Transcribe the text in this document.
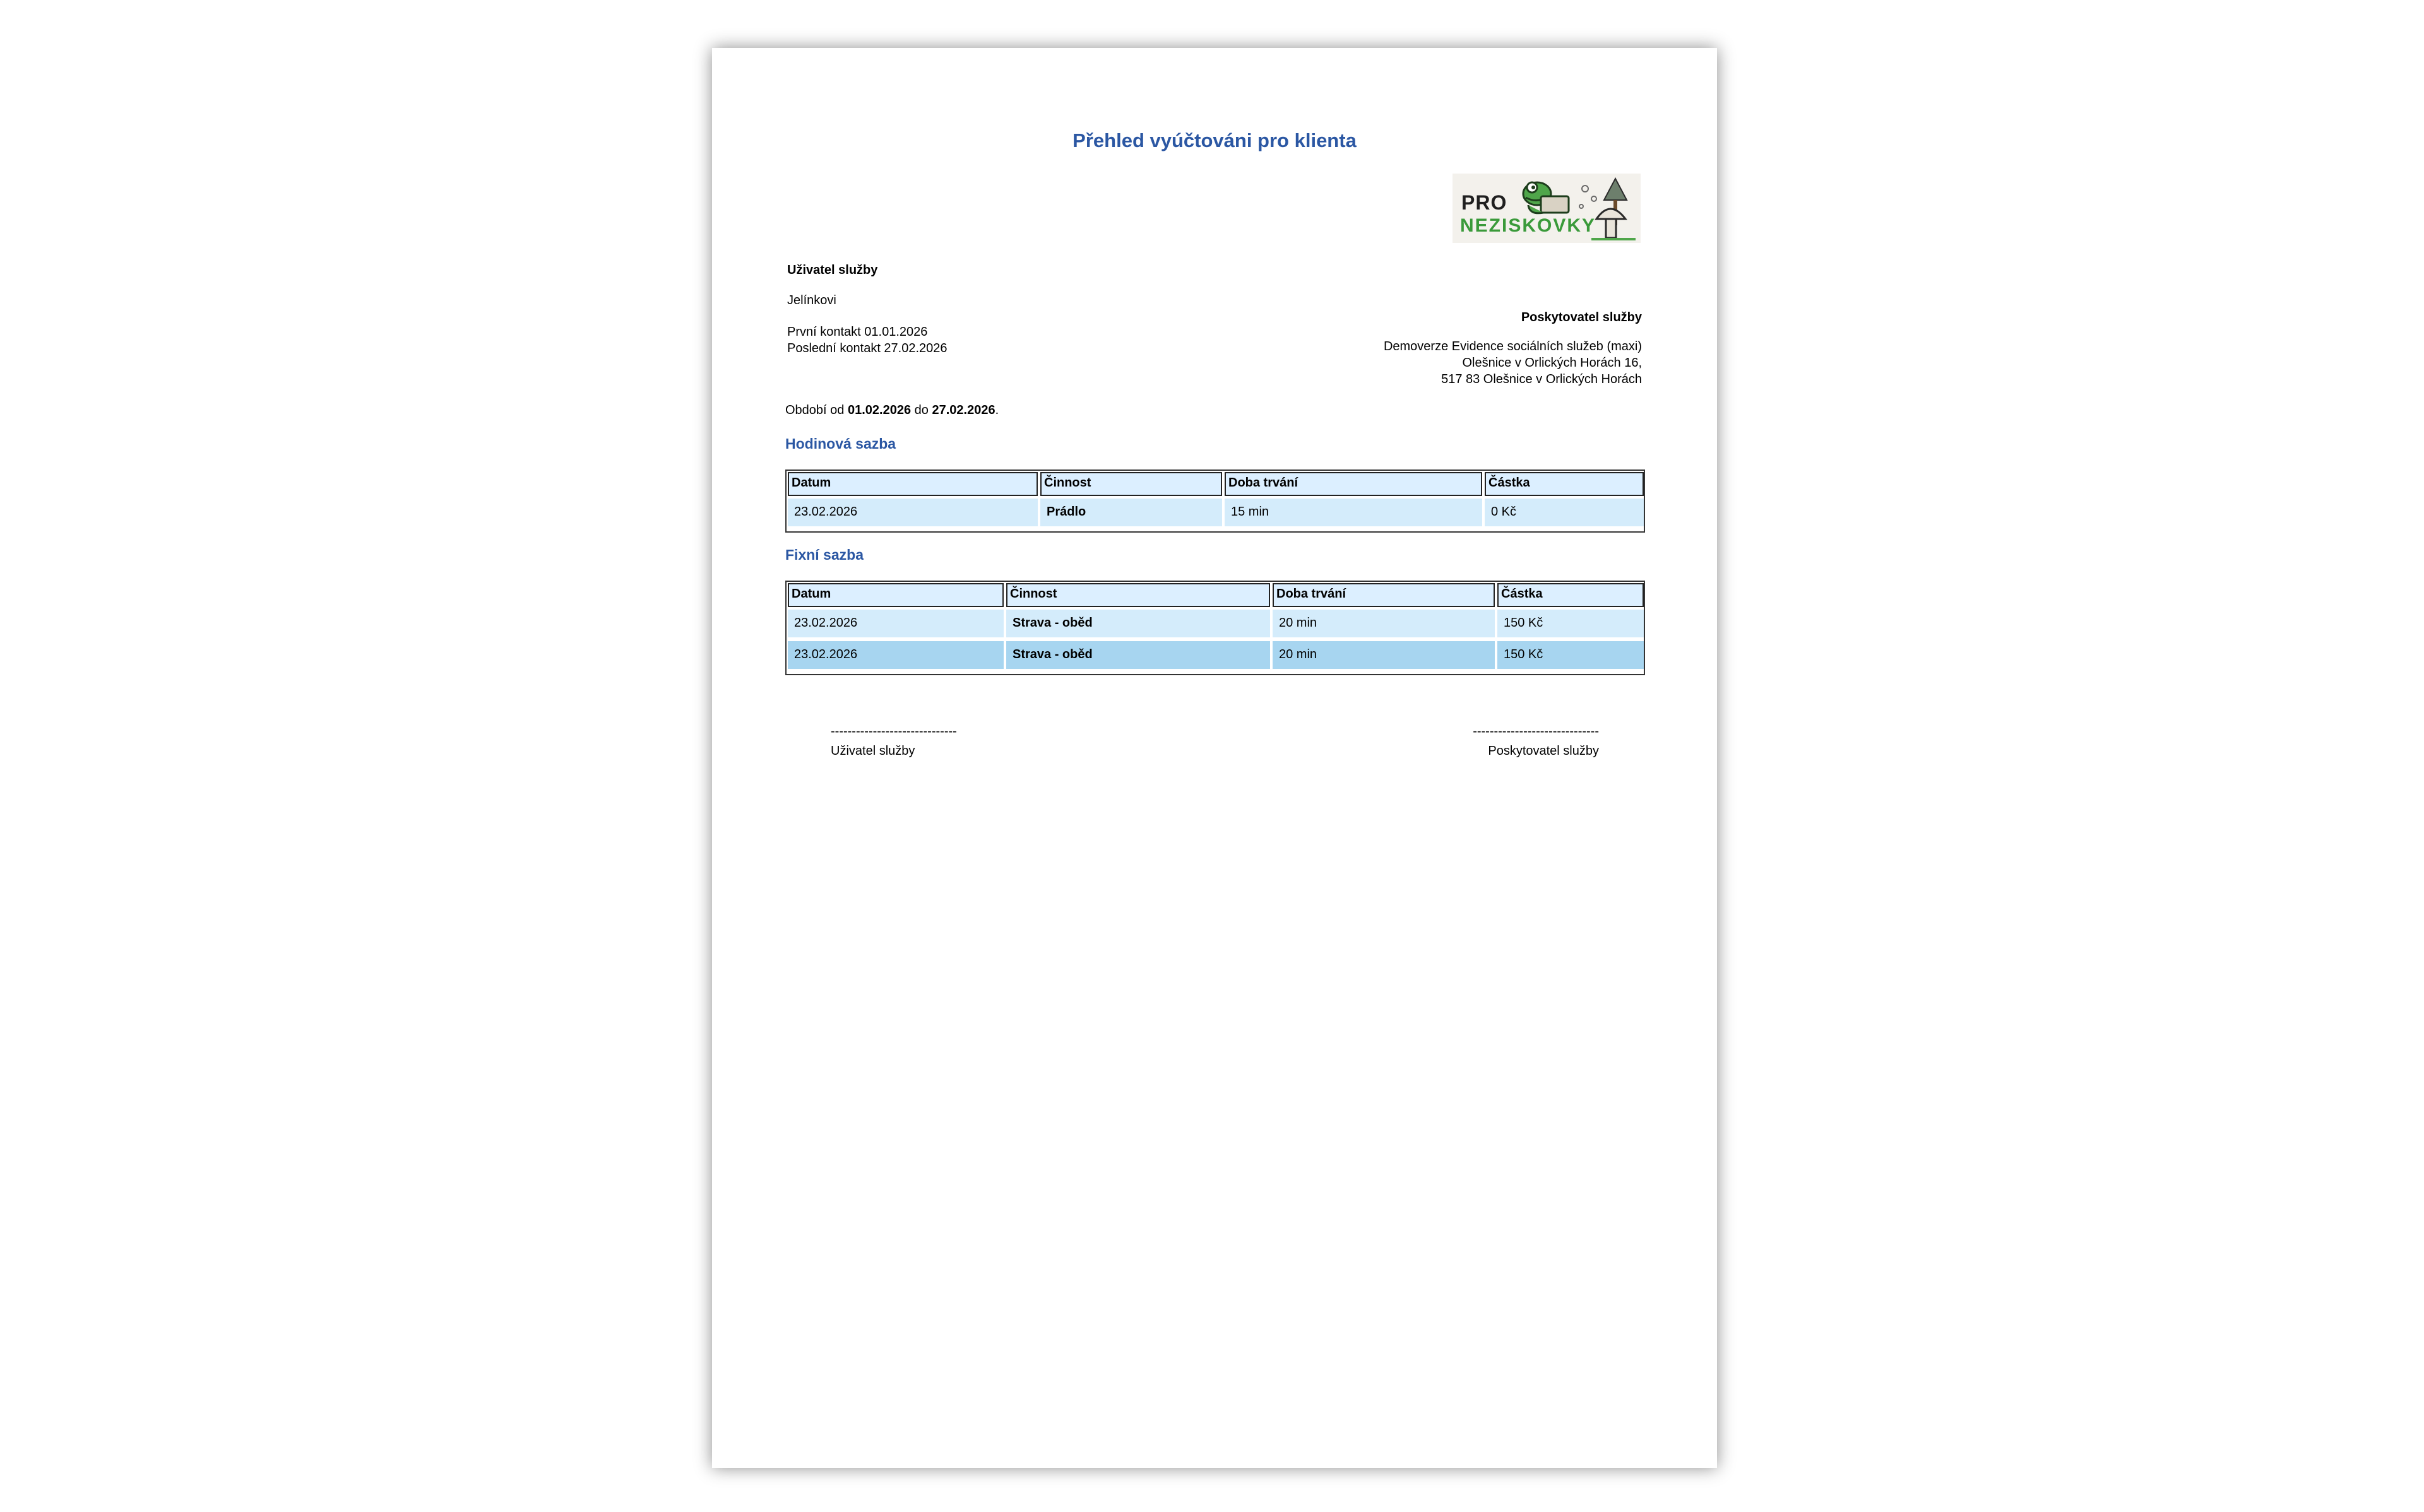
Přehled vyúčtováni pro klienta
Uživatel služby
Jelínkovi
První kontakt 01.01.2026
Poslední kontakt 27.02.2026
PRO
NEZISKOVKY
Poskytovatel služby
Demoverze Evidence sociálních služeb (maxi)
Olešnice v Orlických Horách 16,
517 83 Olešnice v Orlických Horách
Období od 01.02.2026 do 27.02.2026.
Hodinová sazba
Datum	Činnost	Doba trvání	Částka
23.02.2026	Prádlo	15 min	0 Kč
Fixní sazba
Datum	Činnost	Doba trvání	Částka
23.02.2026	Strava - oběd	20 min	150 Kč
23.02.2026	Strava - oběd	20 min	150 Kč
------------------------------
Uživatel služby
------------------------------
Poskytovatel služby
